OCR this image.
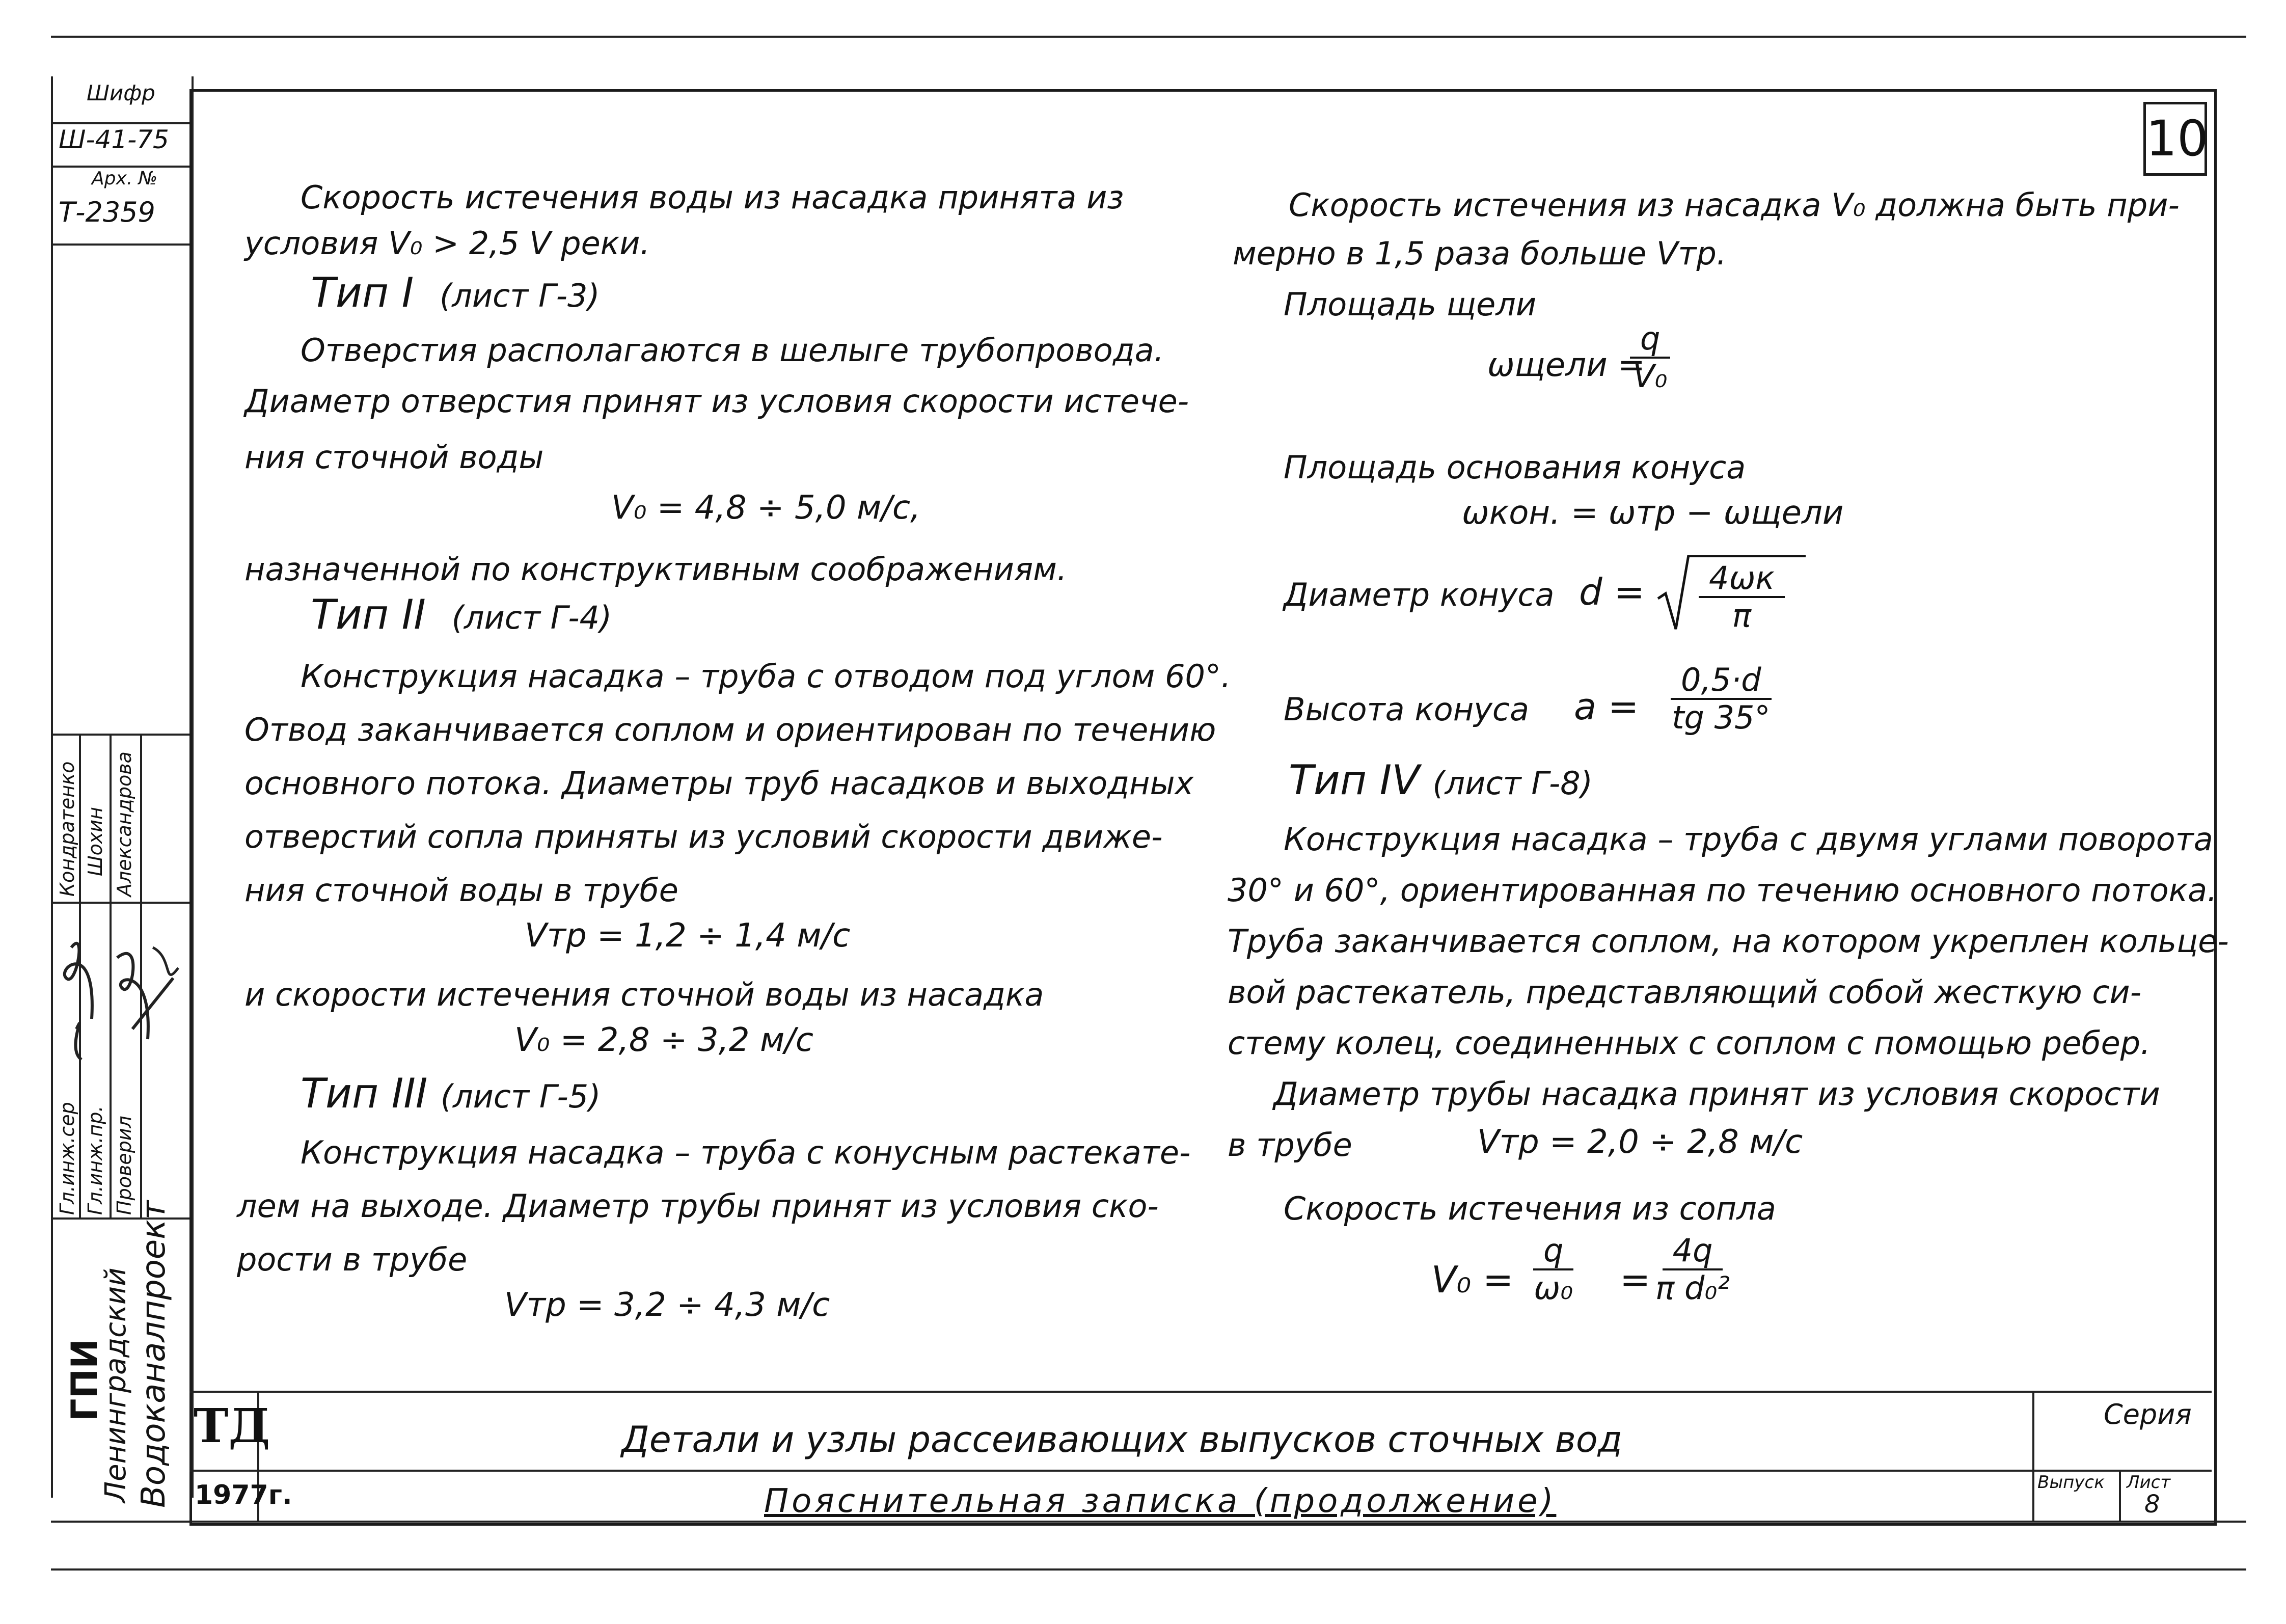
Шифр
Ш-41-75
Арх. №
Т-2359
Кондратенко Шохин Александрова
Гл.инж.сер Гл.инж.пр. Проверил
ГПИ
Ленинградский Водоканалпроект
10
Скорость истечения воды из насадка принята из
условия V₀ > 2,5 V реки.
Тип I (лист Г-3)
Отверстия располагаются в шелыге трубопровода.
Диаметр отверстия принят из условия скорости истече-
ния сточной воды
V₀ = 4,8 ÷ 5,0 м/с,
назначенной по конструктивным соображениям.
Тип II (лист Г-4)
Конструкция насадка – труба с отводом под углом 60°.
Отвод заканчивается соплом и ориентирован по течению
основного потока. Диаметры труб насадков и выходных
отверстий сопла приняты из условий скорости движе-
ния сточной воды в трубе
Vтр = 1,2 ÷ 1,4 м/с
и скорости истечения сточной воды из насадка
V₀ = 2,8 ÷ 3,2 м/с
Тип III (лист Г-5)
Конструкция насадка – труба с конусным растекате-
лем на выходе. Диаметр трубы принят из условия ско-
рости в трубе
Vтр = 3,2 ÷ 4,3 м/с
Скорость истечения из насадка V₀ должна быть при-
мерно в 1,5 раза больше Vтр.
Площадь щели
ωщели =
$\frac{q}{\text{V₀}}$
Площадь основания конуса
ωкон. = ωтр − ωщели
Диаметр конуса d =	4ωк
π
Высота конуса $a = \frac{0,5\cdot d}{tg 35^\circ}$
Тип IV (лист Г-8)
Конструкция насадка – труба с двумя углами поворота
30° и 60°, ориентированная по течению основного потока.
Труба заканчивается соплом, на котором укреплен кольце-
вой растекатель, представляющий собой жесткую си-
стему колец, соединенных с соплом с помощью ребер.
Диаметр трубы насадка принят из условия скорости
в трубе	Vтр = 2,0 ÷ 2,8 м/с
Скорость истечения из сопла
$V_0 = \frac{q}{\text{ω₀}} = \frac{4q}{\text{π d₀²}}$
ТД
1977г.
Детали и узлы рассеивающих выпусков сточных вод
Пояснительная записка (продолжение)
Серия
Выпуск Лист
8
